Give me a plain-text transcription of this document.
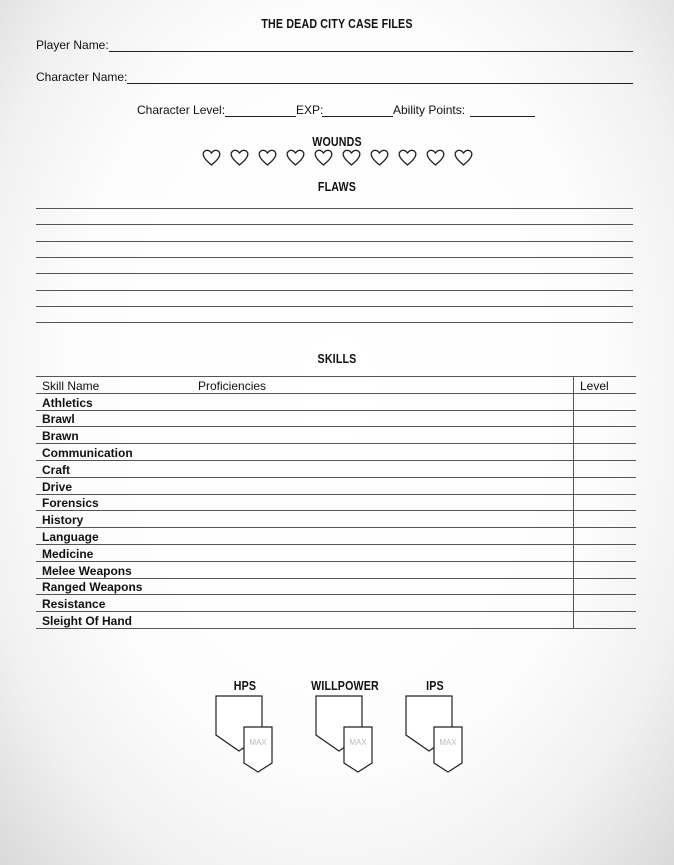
THE DEAD CITY CASE FILES
Player Name:
Character Name:
Character Level:	EXP:	Ability Points:
WOUNDS
FLAWS
SKILLS
Skill Name	Proficiencies	Level
Athletics		
Brawl		
Brawn		
Communication		
Craft		
Drive		
Forensics		
History		
Language		
Medicine		
Melee Weapons		
Ranged Weapons		
Resistance		
Sleight Of Hand		
HPS
MAX
WILLPOWER
MAX
IPS
MAX
